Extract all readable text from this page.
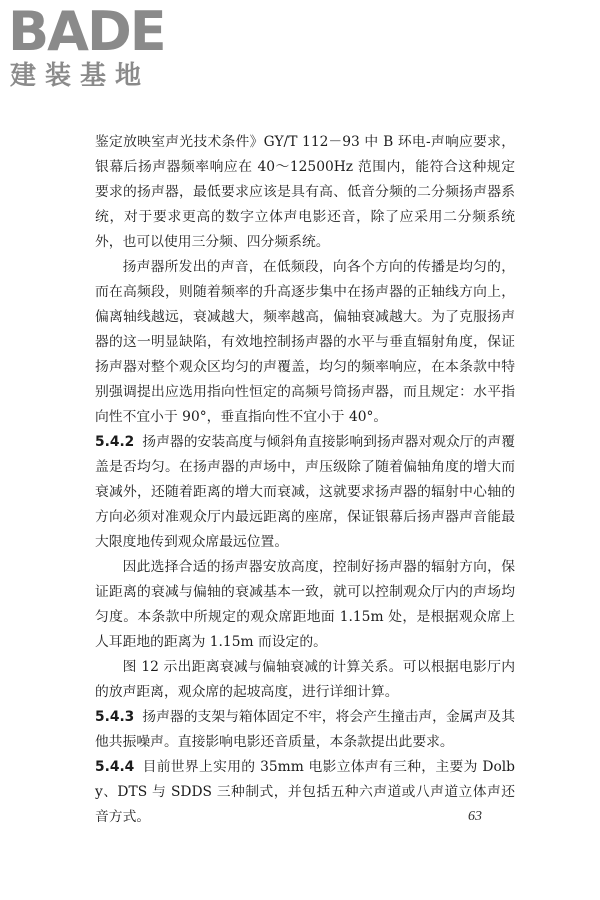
BADE
建装基地

鉴定放映室声光技术条件》GY/T 112－93 中 B 环电-声响应要求，银幕后扬声器频率响应在 40～12500Hz 范围内，能符合这种规定要求的扬声器，最低要求应该是具有高、低音分频的二分频扬声器系统，对于要求更高的数字立体声电影还音，除了应采用二分频系统外，也可以使用三分频、四分频系统。

扬声器所发出的声音，在低频段，向各个方向的传播是均匀的，而在高频段，则随着频率的升高逐步集中在扬声器的正轴线方向上，偏离轴线越远，衰减越大，频率越高，偏轴衰减越大。为了克服扬声器的这一明显缺陷，有效地控制扬声器的水平与垂直辐射角度，保证扬声器对整个观众区均匀的声覆盖，均匀的频率响应，在本条款中特别强调提出应选用指向性恒定的高频号筒扬声器，而且规定：水平指向性不宜小于 90°，垂直指向性不宜小于 40°。

5.4.2 扬声器的安装高度与倾斜角直接影响到扬声器对观众厅的声覆盖是否均匀。在扬声器的声场中，声压级除了随着偏轴角度的增大而衰减外，还随着距离的增大而衰减，这就要求扬声器的辐射中心轴的方向必须对准观众厅内最远距离的座席，保证银幕后扬声器声音能最大限度地传到观众席最远位置。

因此选择合适的扬声器安放高度，控制好扬声器的辐射方向，保证距离的衰减与偏轴的衰减基本一致，就可以控制观众厅内的声场均匀度。本条款中所规定的观众席距地面 1.15m 处，是根据观众席上人耳距地的距离为 1.15m 而设定的。

图 12 示出距离衰减与偏轴衰减的计算关系。可以根据电影厅内的放声距离，观众席的起坡高度，进行详细计算。

5.4.3 扬声器的支架与箱体固定不牢，将会产生撞击声，金属声及其他共振噪声。直接影响电影还音质量，本条款提出此要求。

5.4.4 目前世界上实用的 35mm 电影立体声有三种，主要为 Dolby、DTS 与 SDDS 三种制式，并包括五种六声道或八声道立体声还音方式。	63
